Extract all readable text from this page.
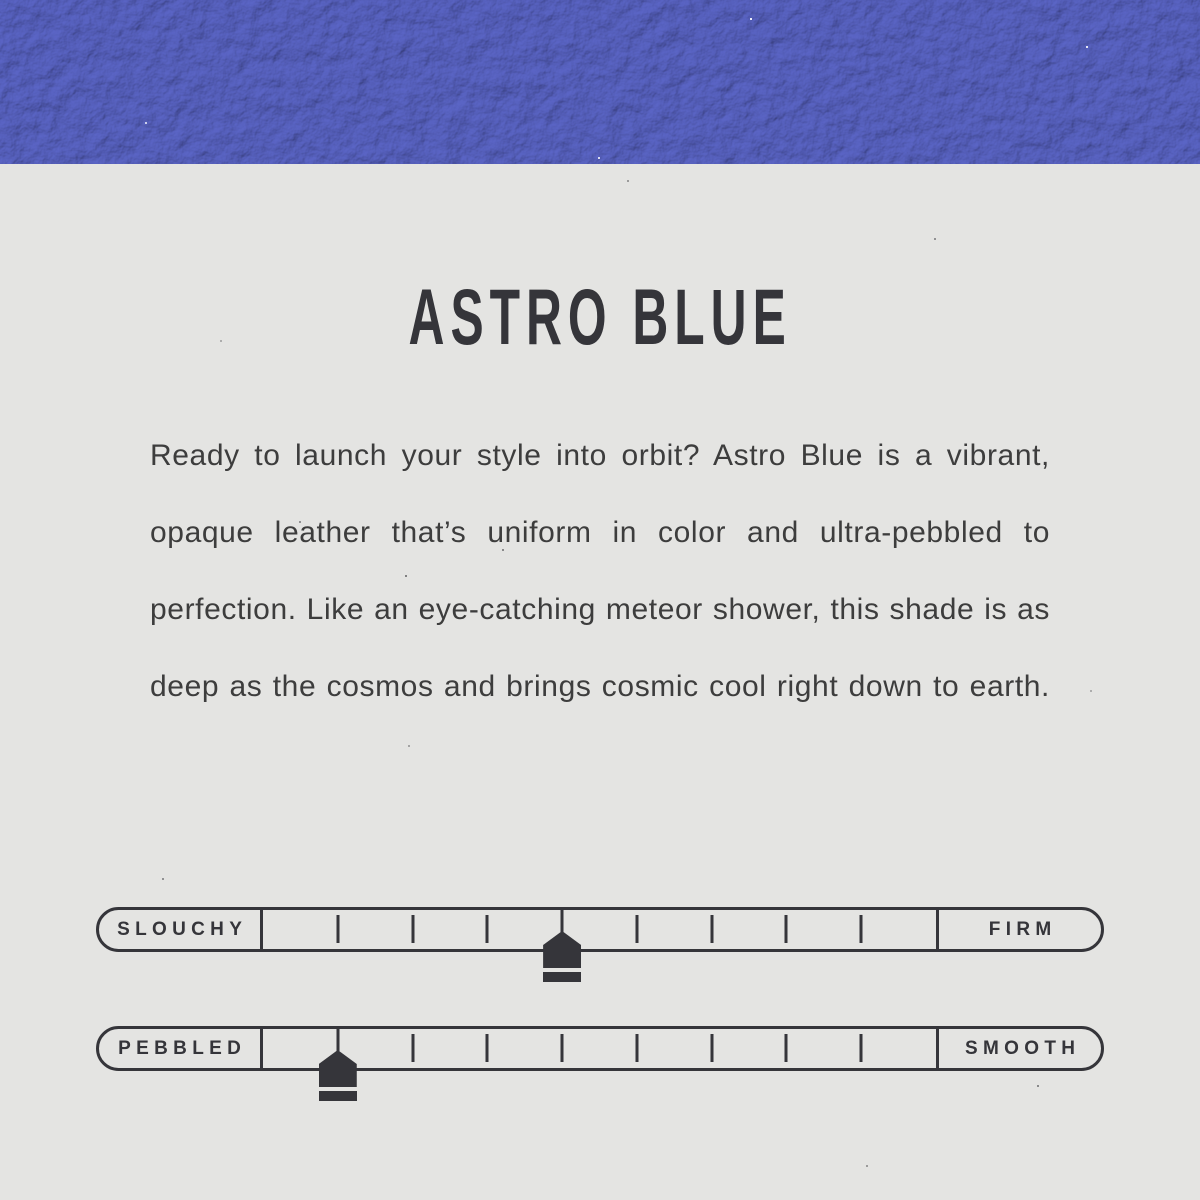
ASTRO BLUE
Ready to launch your style into orbit? Astro Blue is a vibrant,
opaque leather that’s uniform in color and ultra-pebbled to
perfection. Like an eye-catching meteor shower, this shade is as
deep as the cosmos and brings cosmic cool right down to earth.
SLOUCHY	FIRM
PEBBLED	SMOOTH
